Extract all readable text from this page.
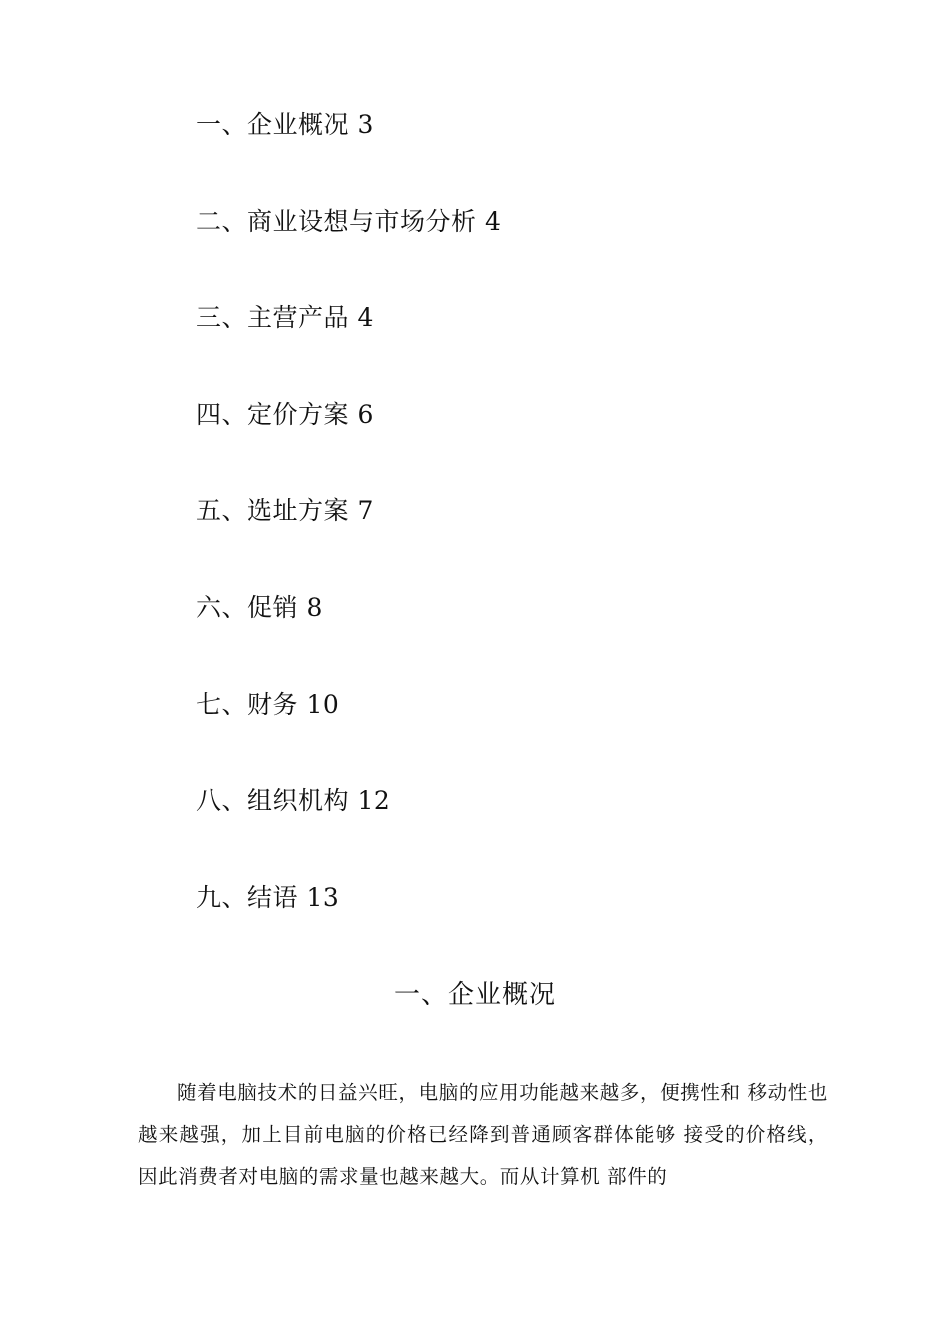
一、企业概况 3
二、商业设想与市场分析 4
三、主营产品 4
四、定价方案 6
五、选址方案 7
六、促销 8
七、财务 10
八、组织机构 12
九、结语 13
一、企业概况

随着电脑技术的日益兴旺，电脑的应用功能越来越多，便携性和 移动性也越来越强，加上目前电脑的价格已经降到普通顾客群体能够 接受的价格线，因此消费者对电脑的需求量也越来越大。而从计算机 部件的
